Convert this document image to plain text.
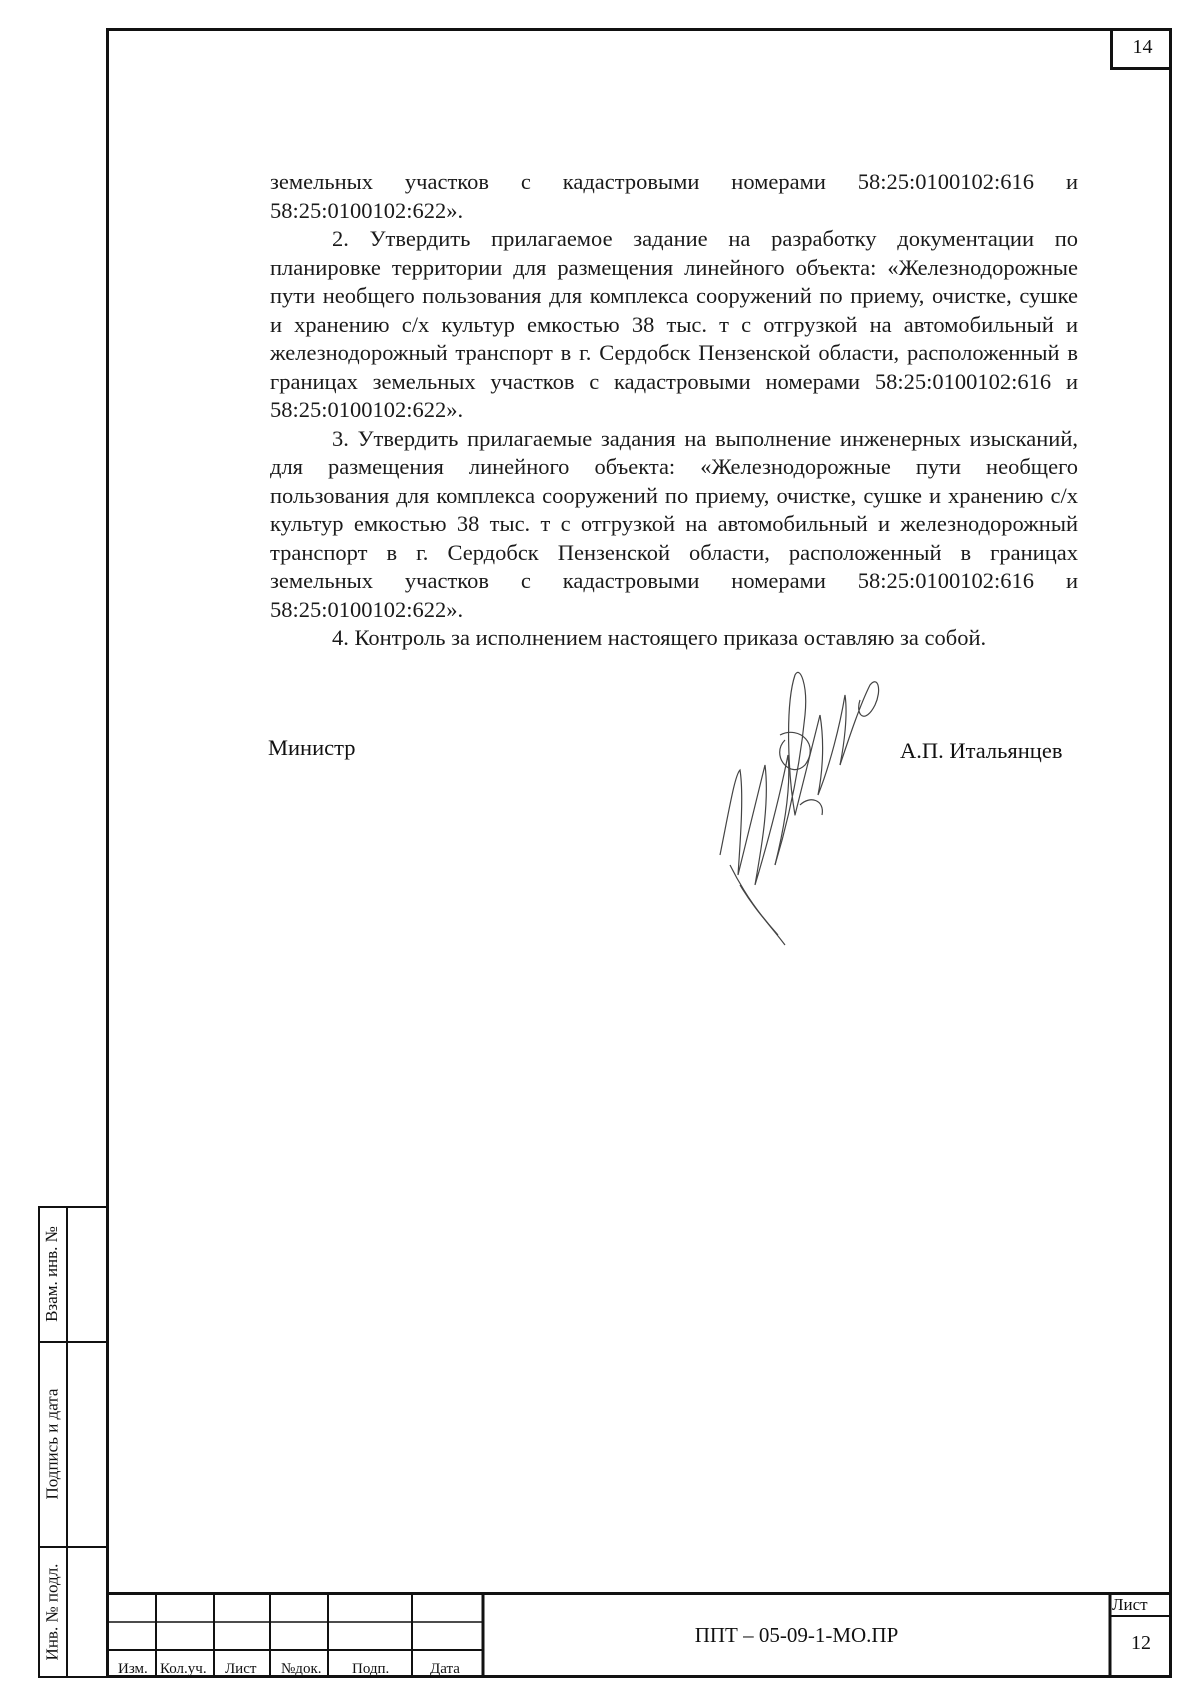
14

земельных участков с кадастровыми номерами 58:25:0100102:616 и 58:25:0100102:622».

2. Утвердить прилагаемое задание на разработку документации по планировке территории для размещения линейного объекта: «Железнодорожные пути необщего пользования для комплекса сооружений по приему, очистке, сушке и хранению с/х культур емкостью 38 тыс. т с отгрузкой на автомобильный и железнодорожный транспорт в г. Сердобск Пензенской области, расположенный в границах земельных участков с кадастровыми номерами 58:25:0100102:616 и 58:25:0100102:622».

3. Утвердить прилагаемые задания на выполнение инженерных изысканий, для размещения линейного объекта: «Железнодорожные пути необщего пользования для комплекса сооружений по приему, очистке, сушке и хранению с/х культур емкостью 38 тыс. т с отгрузкой на автомобильный и железнодорожный транспорт в г. Сердобск Пензенской области, расположенный в границах земельных участков с кадастровыми номерами 58:25:0100102:616 и 58:25:0100102:622».

4. Контроль за исполнением настоящего приказа оставляю за собой.

Министр	А.П. Итальянцев
Взам. инв. №
Подпись и дата
Инв. № подл.
Изм. Кол.уч. Лист №док. Подп.	Дата
ППТ – 05-09-1-МО.ПР
Лист
12
